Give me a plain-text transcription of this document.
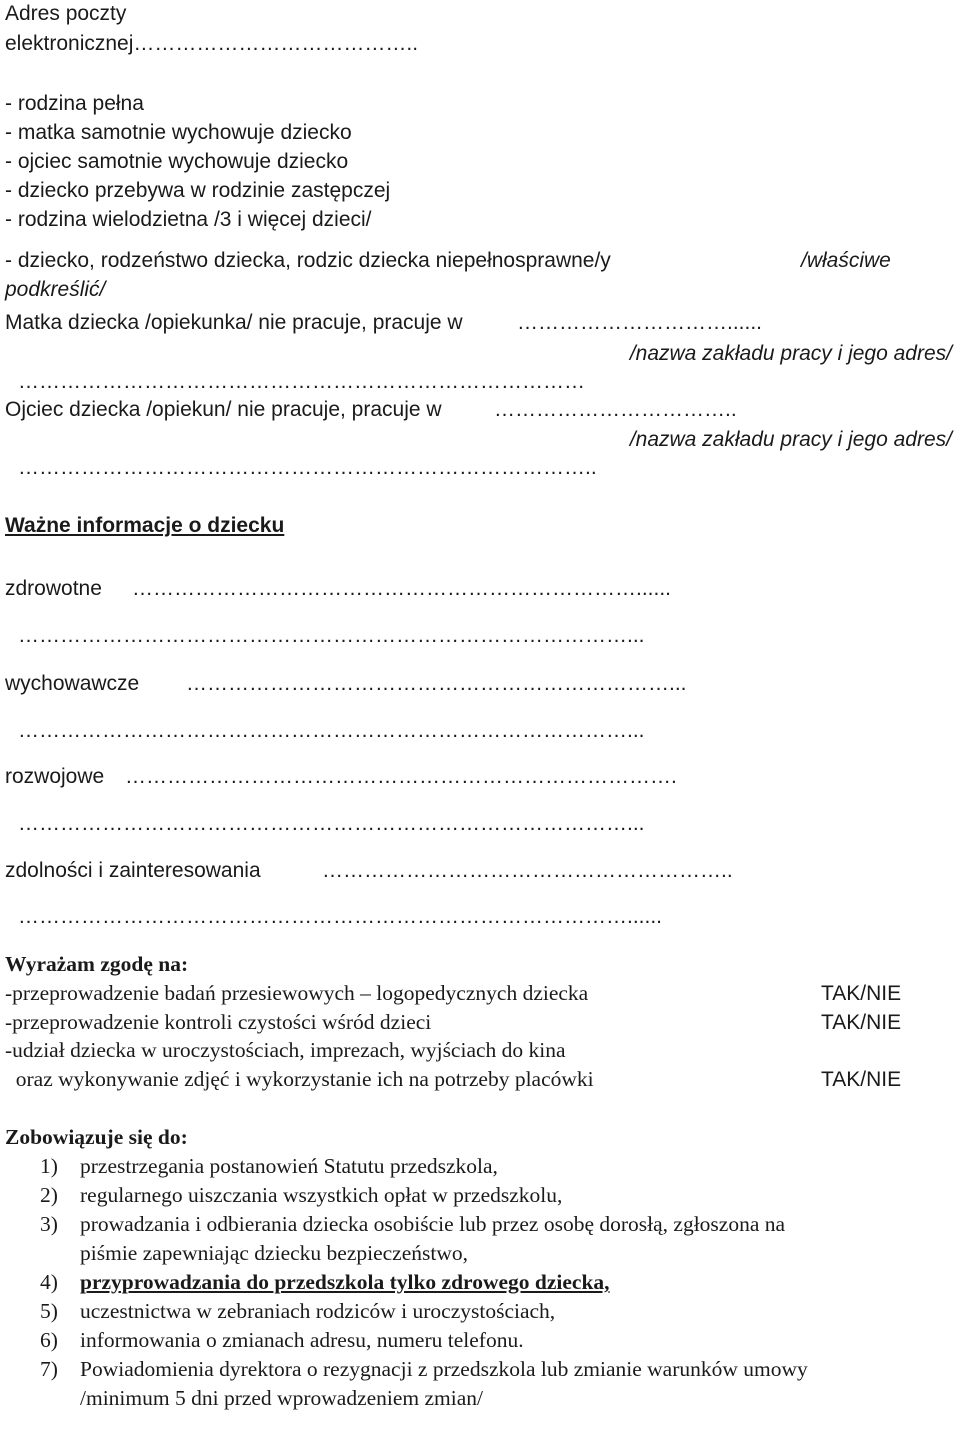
Adres poczty
elektronicznej…………………………………..
- rodzina pełna
- matka samotnie wychowuje dziecko
- ojciec samotnie wychowuje dziecko
- dziecko przebywa w rodzinie zastępczej
- rodzina wielodzietna /3 i więcej dzieci/
- dziecko, rodzeństwo dziecka, rodzic dziecka niepełnosprawne/y	/właściwe
podkreślić/
Matka dziecka /opiekunka/ nie pracuje, pracuje w	…………………………......
/nazwa zakładu pracy i jego adres/
………………………………………………………………………
Ojciec dziecka /opiekun/ nie pracuje, pracuje w ……………………………..
/nazwa zakładu pracy i jego adres/
………………………………………………………………………..
Ważne informacje o dziecku
zdrowotne ………………………………………………………………......
……………………………………………………………………………...
wychowawcze ……………………………………………………………...
……………………………………………………………………………...
rozwojowe …………………………………………………………………….
……………………………………………………………………………...
zdolności i zainteresowania	…………………………………………………..
……………………………………………………………………………......
Wyrażam zgodę na:
-przeprowadzenie badań przesiewowych – logopedycznych dziecka	TAK/NIE
-przeprowadzenie kontroli czystości wśród dzieci	TAK/NIE
-udział dziecka w uroczystościach, imprezach, wyjściach do kina
oraz wykonywanie zdjęć i wykorzystanie ich na potrzeby placówki	TAK/NIE
Zobowiązuje się do:
1) przestrzegania postanowień Statutu przedszkola,
2) regularnego uiszczania wszystkich opłat w przedszkolu,
3) prowadzania i odbierania dziecka osobiście lub przez osobę dorosłą, zgłoszona na
piśmie zapewniając dziecku bezpieczeństwo,
4) przyprowadzania do przedszkola tylko zdrowego dziecka,
5) uczestnictwa w zebraniach rodziców i uroczystościach,
6) informowania o zmianach adresu, numeru telefonu.
7) Powiadomienia dyrektora o rezygnacji z przedszkola lub zmianie warunków umowy
/minimum 5 dni przed wprowadzeniem zmian/
